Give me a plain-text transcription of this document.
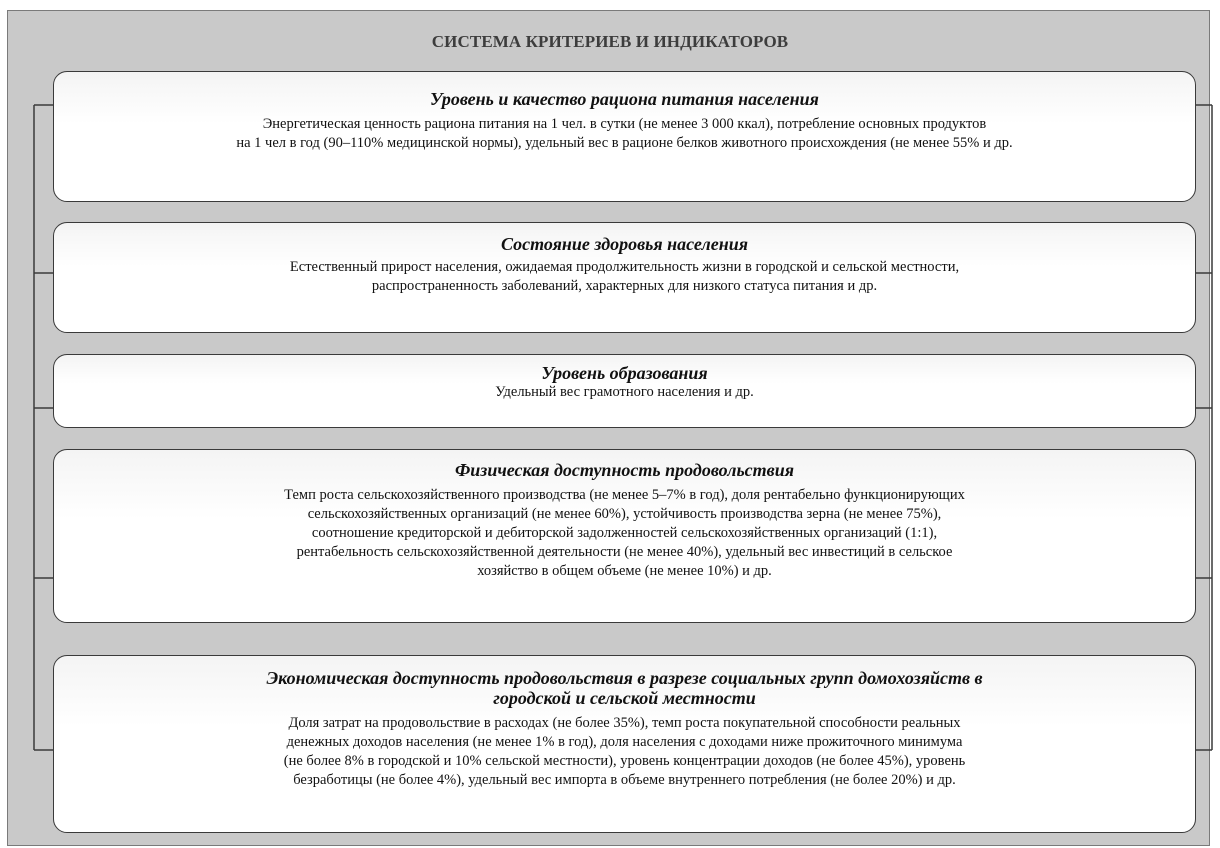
СИСТЕМА КРИТЕРИЕВ И ИНДИКАТОРОВ

Уровень и качество рациона питания населения

Энергетическая ценность рациона питания на 1 чел. в сутки (не менее 3 000 ккал), потребление основных продуктов
на 1 чел в год (90–110% медицинской нормы), удельный вес в рационе белков животного происхождения (не менее 55% и др.

Состояние здоровья населения

Естественный прирост населения, ожидаемая продолжительность жизни в городской и сельской местности,
распространенность заболеваний, характерных для низкого статуса питания и др.

Уровень образования

Удельный вес грамотного населения и др.

Физическая доступность продовольствия

Темп роста сельскохозяйственного производства (не менее 5–7% в год), доля рентабельно функционирующих
сельскохозяйственных организаций (не менее 60%), устойчивость производства зерна (не менее 75%),
соотношение кредиторской и дебиторской задолженностей сельскохозяйственных организаций (1:1),
рентабельность сельскохозяйственной деятельности (не менее 40%), удельный вес инвестиций в сельское
хозяйство в общем объеме (не менее 10%) и др.

Экономическая доступность продовольствия в разрезе социальных групп домохозяйств в
городской и сельской местности

Доля затрат на продовольствие в расходах (не более 35%), темп роста покупательной способности реальных
денежных доходов населения (не менее 1% в год), доля населения с доходами ниже прожиточного минимума
(не более 8% в городской и 10% сельской местности), уровень концентрации доходов (не более 45%), уровень
безработицы (не более 4%), удельный вес импорта в объеме внутреннего потребления (не более 20%) и др.
